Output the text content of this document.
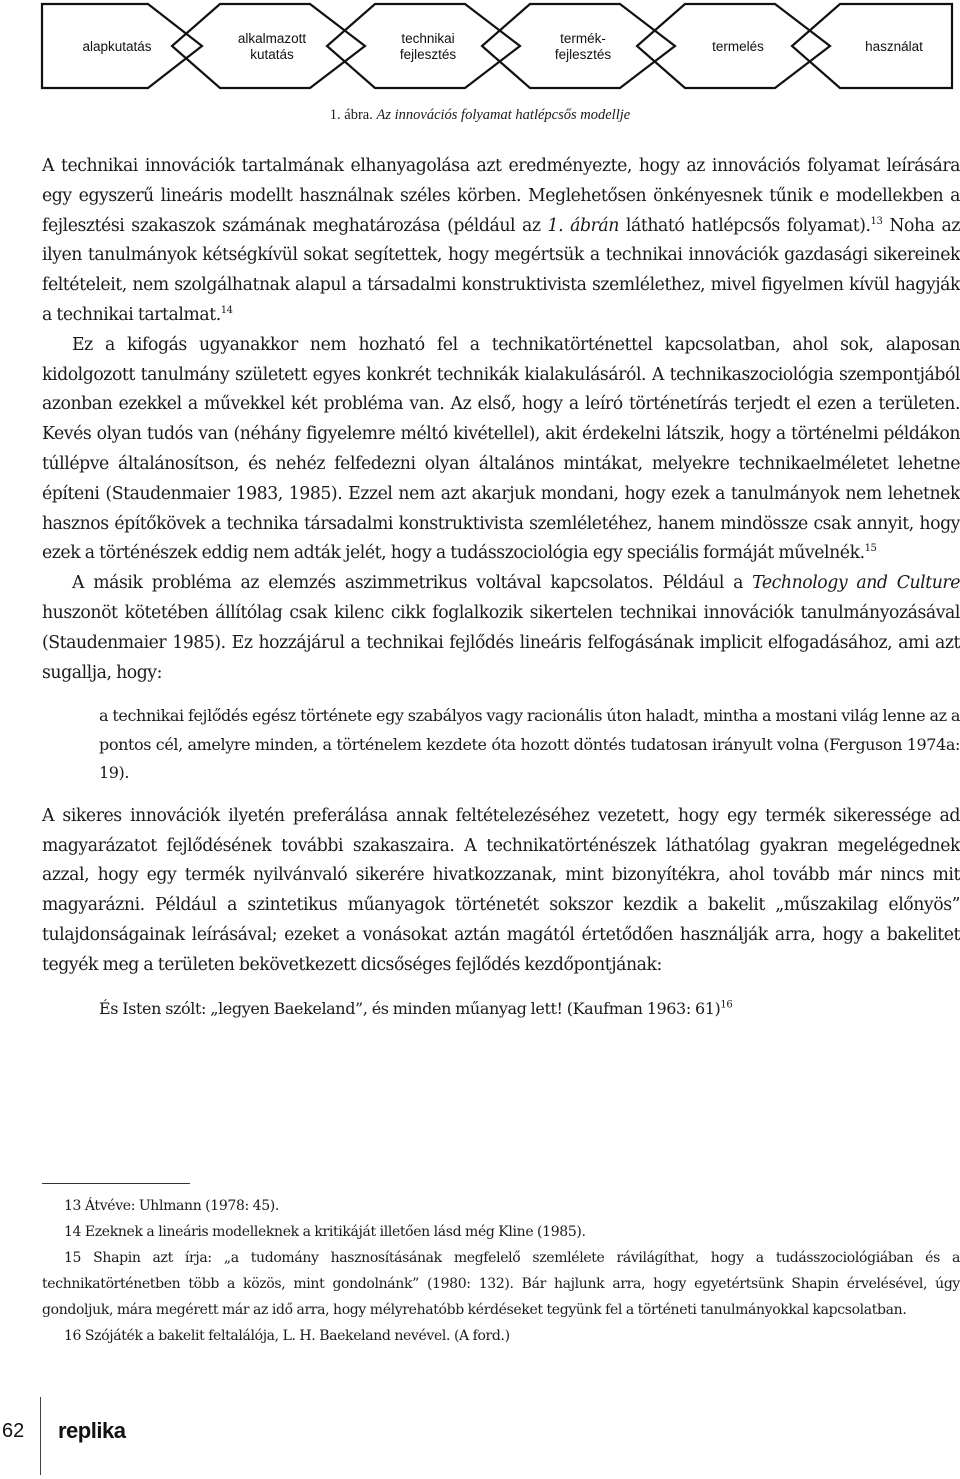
alapkutatás
alkalmazott kutatás
technikai fejlesztés
termék-
fejlesztés
termelés	használat
1. ábra. Az innovációs folyamat hatlépcsős modellje

A technikai innovációk tartalmának elhanyagolása azt eredményezte, hogy az innovációs folyamat leírására egy egyszerű lineáris modellt használnak széles körben. Meglehetősen önkényesnek tűnik e modellekben a fejlesztési szakaszok számának meghatározása (például az 1. ábrán látható hatlépcsős folyamat).$^{13}$ Noha az ilyen tanulmányok kétségkívül sokat segítettek, hogy megértsük a technikai innovációk gazdasági sikereinek feltételeit, nem szolgálhatnak alapul a társadalmi konstruktivista szemlélethez, mivel figyelmen kívül hagyják a technikai tartalmat.$^{14}$

Ez a kifogás ugyanakkor nem hozható fel a technikatörténettel kapcsolatban, ahol sok, alaposan kidolgozott tanulmány született egyes konkrét technikák kialakulásáról. A technikaszociológia szempontjából azonban ezekkel a művekkel két probléma van. Az első, hogy a leíró történetírás terjedt el ezen a területen. Kevés olyan tudós van (néhány figyelemre méltó kivétellel), akit érdekelni látszik, hogy a történelmi példákon túllépve általánosítson, és nehéz felfedezni olyan általános mintákat, melyekre technikaelméletet lehetne építeni (Staudenmaier 1983, 1985). Ezzel nem azt akarjuk mondani, hogy ezek a tanulmányok nem lehetnek hasznos építőkövek a technika társadalmi konstruktivista szemléletéhez, hanem mindössze csak annyit, hogy ezek a történészek eddig nem adták jelét, hogy a tudásszociológia egy speciális formáját művelnék.$^{15}$

A másik probléma az elemzés aszimmetrikus voltával kapcsolatos. Például a Technology and Culture huszonöt kötetében állítólag csak kilenc cikk foglalkozik sikertelen technikai innovációk tanulmányozásával (Staudenmaier 1985). Ez hozzájárul a technikai fejlődés lineáris felfogásának implicit elfogadásához, ami azt sugallja, hogy:

a technikai fejlődés egész története egy szabályos vagy racionális úton haladt, mintha a mostani világ lenne az a pontos cél, amelyre minden, a történelem kezdete óta hozott döntés tudatosan irányult volna (Ferguson 1974a: 19).

A sikeres innovációk ilyetén preferálása annak feltételezéséhez vezetett, hogy egy termék sikeressége ad magyarázatot fejlődésének további szakaszaira. A technikatörténészek láthatólag gyakran megelégednek azzal, hogy egy termék nyilvánvaló sikerére hivatkozzanak, mint bizonyítékra, ahol tovább már nincs mit magyarázni. Például a szintetikus műanyagok történetét sokszor kezdik a bakelit „műszakilag előnyös” tulajdonságainak leírásával; ezeket a vonásokat aztán magától értetődően használják arra, hogy a bakelitet tegyék meg a területen bekövetkezett dicsőséges fejlődés kezdőpontjának:

És Isten szólt: „legyen Baekeland”, és minden műanyag lett! (Kaufman 1963: 61)$^{16}$

13 Átvéve: Uhlmann (1978: 45).

14 Ezeknek a lineáris modelleknek a kritikáját illetően lásd még Kline (1985).

15 Shapin azt írja: „a tudomány hasznosításának megfelelő szemlélete rávilágíthat, hogy a tudásszociológiában és a technikatörténetben több a közös, mint gondolnánk” (1980: 132). Bár hajlunk arra, hogy egyetértsünk Shapin érvelésével, úgy gondoljuk, mára megérett már az idő arra, hogy mélyrehatóbb kérdéseket tegyünk fel a történeti tanulmányokkal kapcsolatban.

16 Szójáték a bakelit feltalálója, L. H. Baekeland nevével. (A ford.)

62 replika
